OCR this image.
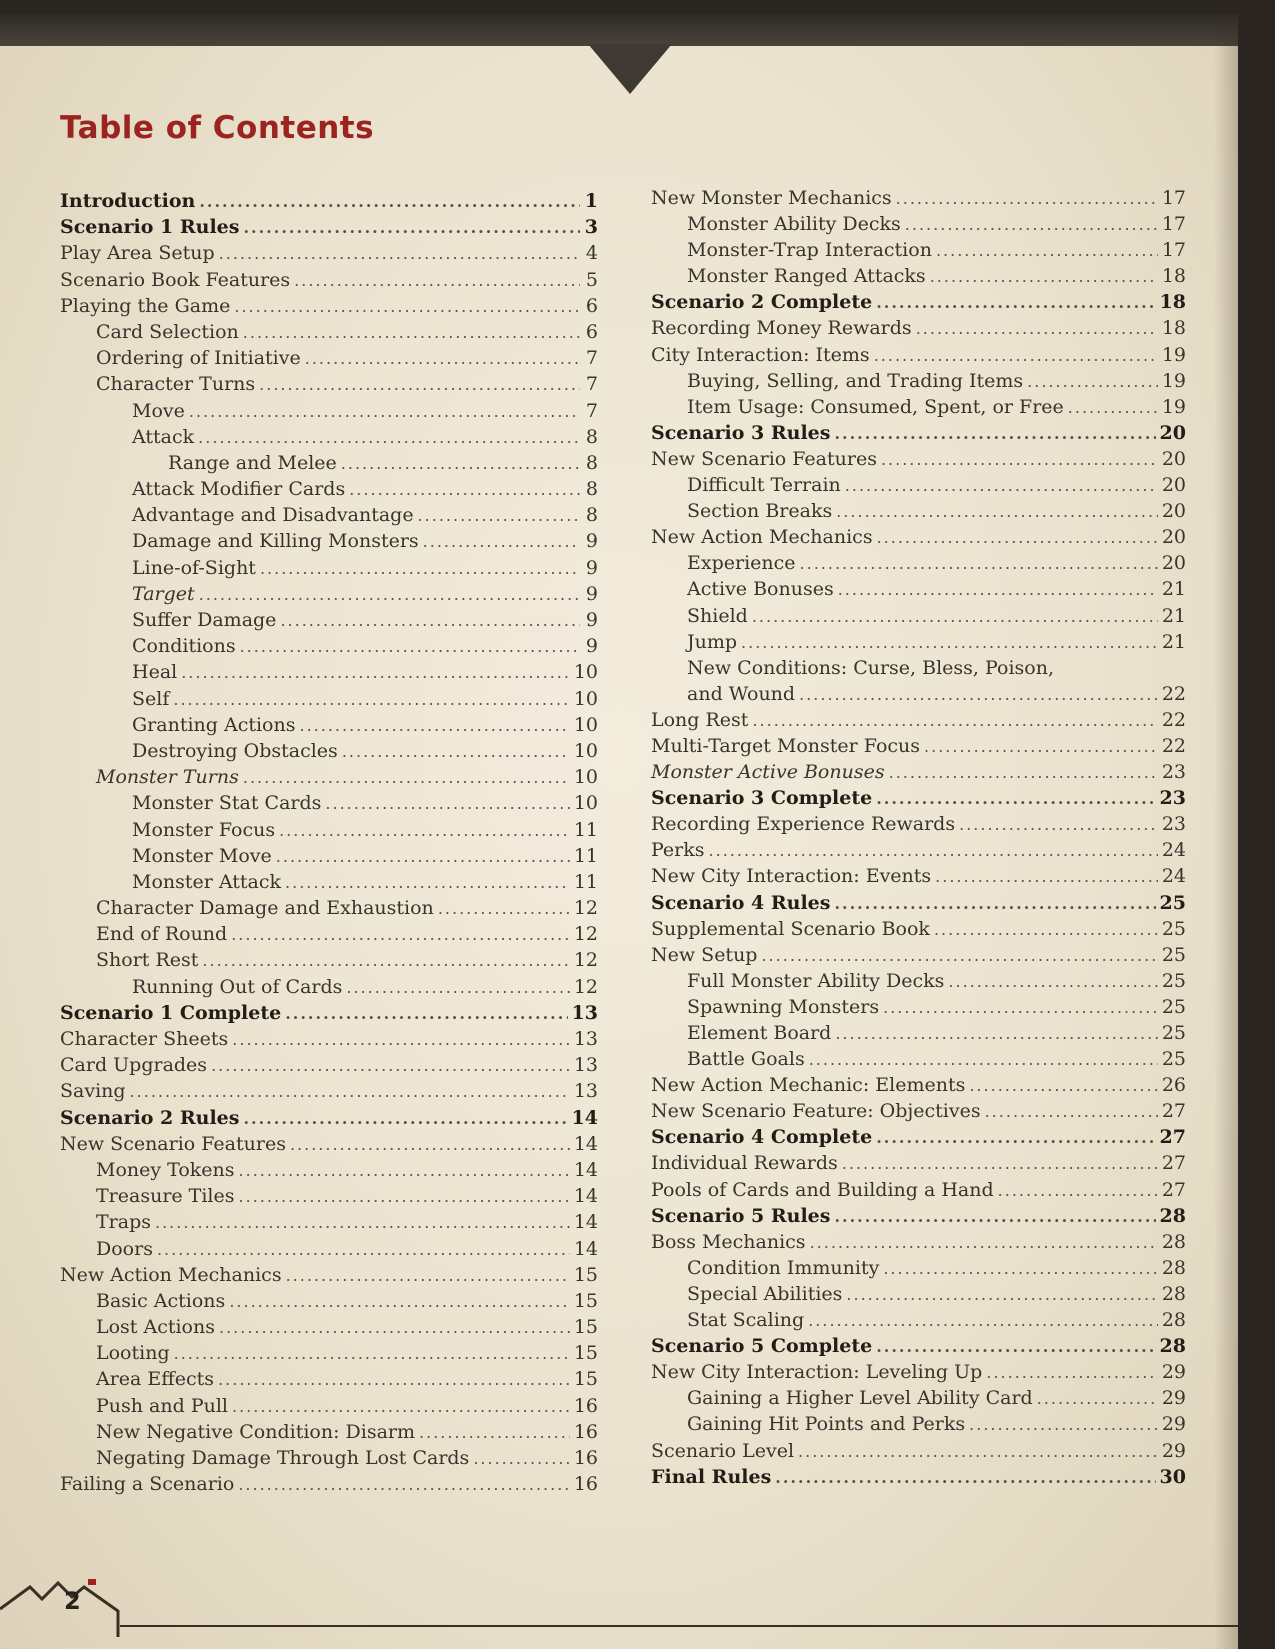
Table of Contents
Introduction .....	1
Scenario 1 Rules .....	3
Play Area Setup .....	4
Scenario Book Features .....	5
Playing the Game .....	6
Card Selection .....	6
Ordering of Initiative .....	7
Character Turns .....	7
Move .....	7
Attack .....	8
Range and Melee .....	8
Attack Modifier Cards .....	8
Advantage and Disadvantage .....	8
Damage and Killing Monsters .....	9
Line-of-Sight .....	9
Target .....	9
Suffer Damage .....	9
Conditions .....	9
Heal .....	10
Self .....	10
Granting Actions .....	10
Destroying Obstacles .....	10
Monster Turns .....	10
Monster Stat Cards .....	10
Monster Focus .....	11
Monster Move .....	11
Monster Attack .....	11
Character Damage and Exhaustion .....	12
End of Round .....	12
Short Rest .....	12
Running Out of Cards .....	12
Scenario 1 Complete .....	13
Character Sheets .....	13
Card Upgrades .....	13
Saving .....	13
Scenario 2 Rules .....	14
New Scenario Features .....	14
Money Tokens .....	14
Treasure Tiles .....	14
Traps .....	14
Doors .....	14
New Action Mechanics .....	15
Basic Actions .....	15
Lost Actions .....	15
Looting .....	15
Area Effects .....	15
Push and Pull .....	16
New Negative Condition: Disarm .....	16
Negating Damage Through Lost Cards .....	16
Failing a Scenario .....	16
New Monster Mechanics .....	17
Monster Ability Decks .....	17
Monster-Trap Interaction .....	17
Monster Ranged Attacks .....	18
Scenario 2 Complete .....	18
Recording Money Rewards .....	18
City Interaction: Items .....	19
Buying, Selling, and Trading Items .....	19
Item Usage: Consumed, Spent, or Free .....	19
Scenario 3 Rules .....	20
New Scenario Features .....	20
Difficult Terrain .....	20
Section Breaks .....	20
New Action Mechanics .....	20
Experience .....	20
Active Bonuses .....	21
Shield .....	21
Jump .....	21
New Conditions: Curse, Bless, Poison,
and Wound .....	22
Long Rest .....	22
Multi-Target Monster Focus .....	22
Monster Active Bonuses .....	23
Scenario 3 Complete .....	23
Recording Experience Rewards .....	23
Perks .....	24
New City Interaction: Events .....	24
Scenario 4 Rules .....	25
Supplemental Scenario Book .....	25
New Setup .....	25
Full Monster Ability Decks .....	25
Spawning Monsters .....	25
Element Board .....	25
Battle Goals .....	25
New Action Mechanic: Elements .....	26
New Scenario Feature: Objectives .....	27
Scenario 4 Complete .....	27
Individual Rewards .....	27
Pools of Cards and Building a Hand .....	27
Scenario 5 Rules .....	28
Boss Mechanics .....	28
Condition Immunity .....	28
Special Abilities .....	28
Stat Scaling .....	28
Scenario 5 Complete .....	28
New City Interaction: Leveling Up .....	29
Gaining a Higher Level Ability Card .....	29
Gaining Hit Points and Perks .....	29
Scenario Level .....	29
Final Rules .....	30

2
